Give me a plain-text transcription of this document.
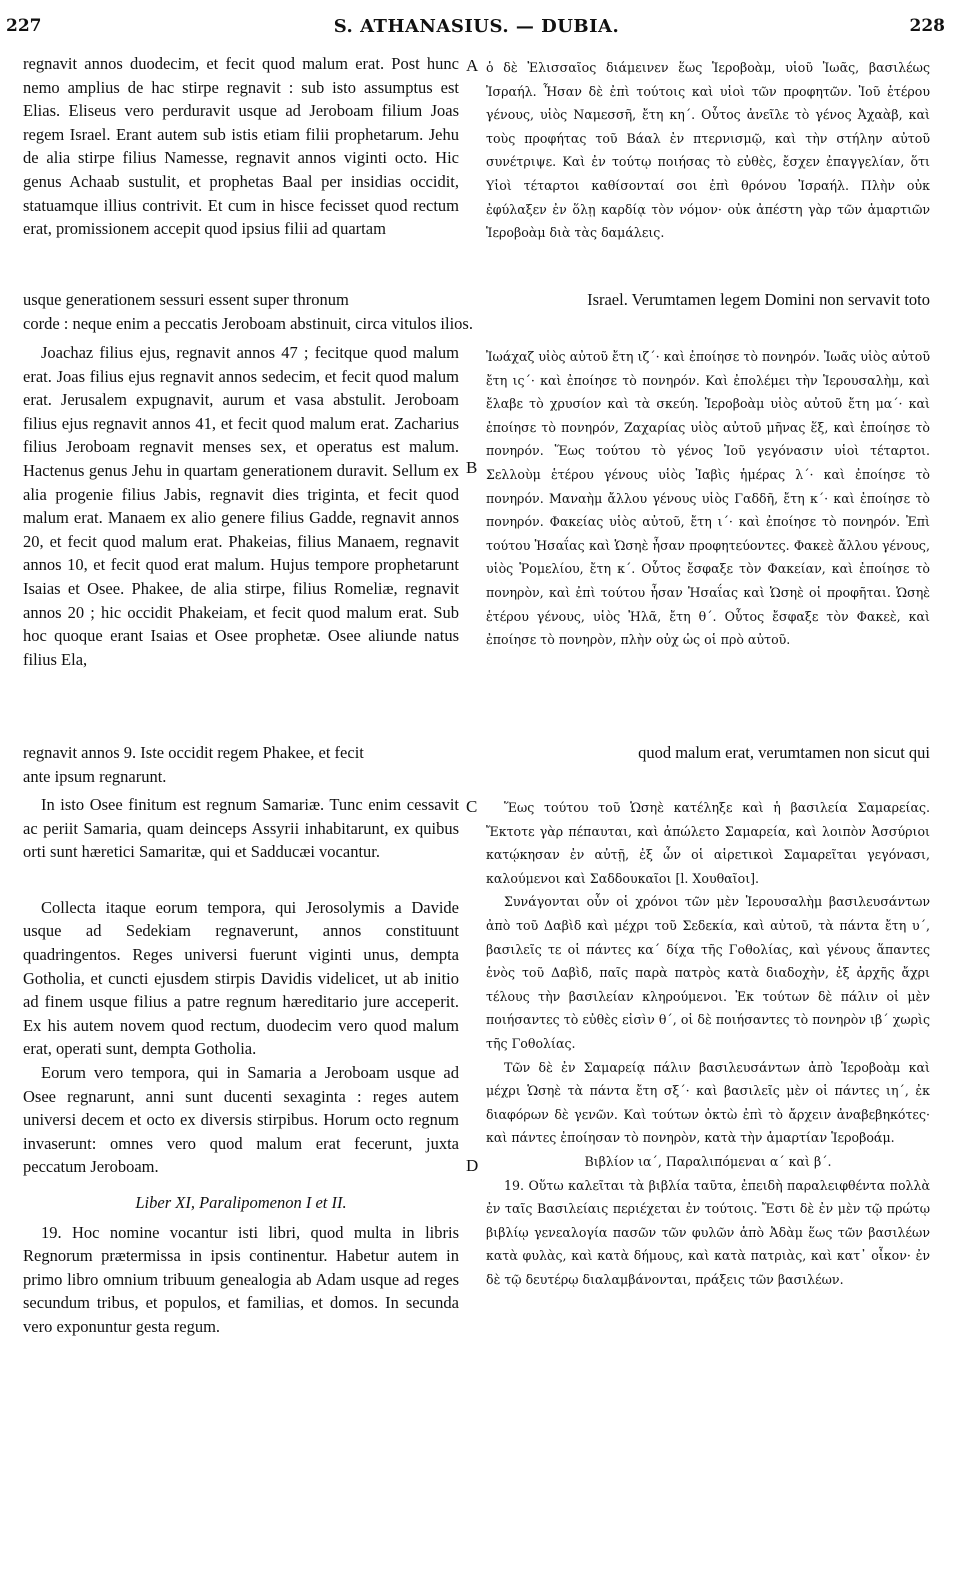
227	S. ATHANASIUS. — DUBIA.	228
regnavit annos duodecim, et fecit quod malum erat. Post hunc nemo amplius de hac stirpe regnavit : sub isto assumptus est Elias. Eliseus vero perduravit usque ad Jeroboam filium Joas regem Israel. Erant autem sub istis etiam filii prophetarum. Jehu de alia stirpe filius Namesse, regnavit annos viginti octo. Hic genus Achaab sustulit, et prophetas Baal per insidias occidit, statuamque illius contrivit. Et cum in hisce fecisset quod rectum erat, promissionem accepit quod ipsius filii ad quartam
ὁ δὲ Ἐλισσαῖος διάμεινεν ἕως Ἱεροβοὰμ, υἱοῦ Ἰωᾶς, βασιλέως Ἰσραήλ. Ἦσαν δὲ ἐπὶ τούτοις καὶ υἱοὶ τῶν προφητῶν. Ἰοῦ ἑτέρου γένους, υἱὸς Ναμεσσῆ, ἔτη κη΄. Οὗτος ἀνεῖλε τὸ γένος Ἀχαὰβ, καὶ τοὺς προφήτας τοῦ Βάαλ ἐν πτερνισμῷ, καὶ τὴν στήλην αὐτοῦ συνέτριψε. Καὶ ἐν τούτῳ ποιήσας τὸ εὐθὲς, ἔσχεν ἐπαγγελίαν, ὅτι Υἱοὶ τέταρτοι καθίσονταί σοι ἐπὶ θρόνου Ἰσραήλ. Πλὴν οὐκ ἐφύλαξεν ἐν ὅλῃ καρδίᾳ τὸν νόμον· οὐκ ἀπέστη γὰρ τῶν ἁμαρτιῶν Ἱεροβοὰμ διὰ τὰς δαμάλεις.
A
usque generationem sessuri essent super thronum	Israel. Verumtamen legem Domini non servavit toto
corde : neque enim a peccatis Jeroboam abstinuit, circa vitulos ilios.
Joachaz filius ejus, regnavit annos 47 ; fecitque quod malum erat. Joas filius ejus regnavit annos sedecim, et fecit quod malum erat. Jerusalem expugnavit, aurum et vasa abstulit. Jeroboam filius ejus regnavit annos 41, et fecit quod malum erat. Zacharius filius Jeroboam regnavit menses sex, et operatus est malum. Hactenus genus Jehu in quartam generationem duravit. Sellum ex alia progenie filius Jabis, regnavit dies triginta, et fecit quod malum erat. Manaem ex alio genere filius Gadde, regnavit annos 20, et fecit quod malum erat. Phakeias, filius Manaem, regnavit annos 10, et fecit quod erat malum. Hujus tempore prophetarunt Isaias et Osee. Phakee, de alia stirpe, filius Romeliæ, regnavit annos 20 ; hic occidit Phakeiam, et fecit quod malum erat. Sub hoc quoque erant Isaias et Osee prophetæ. Osee aliunde natus filius Ela,
Ἰωάχαζ υἱὸς αὐτοῦ ἔτη ιζ΄· καὶ ἐποίησε τὸ πονηρόν. Ἰωᾶς υἱὸς αὐτοῦ ἔτη ις΄· καὶ ἐποίησε τὸ πονηρόν. Καὶ ἐπολέμει τὴν Ἱερουσαλὴμ, καὶ ἔλαβε τὸ χρυσίον καὶ τὰ σκεύη. Ἱεροβοὰμ υἱὸς αὐτοῦ ἔτη μα΄· καὶ ἐποίησε τὸ πονηρόν, Ζαχαρίας υἱὸς αὐτοῦ μῆνας ἕξ, καὶ ἐποίησε τὸ πονηρόν. Ἕως τούτου τὸ γένος Ἰοῦ γεγόνασιν υἱοὶ τέταρτοι. Σελλοὺμ ἑτέρου γένους υἱὸς Ἰαβὶς ἡμέρας λ΄· καὶ ἐποίησε τὸ πονηρόν. Μαναὴμ ἄλλου γένους υἱὸς Γαδδῆ, ἔτη κ΄· καὶ ἐποίησε τὸ πονηρόν. Φακείας υἱὸς αὐτοῦ, ἔτη ι΄· καὶ ἐποίησε τὸ πονηρόν. Ἐπὶ τούτου Ἡσαΐας καὶ Ὡσηὲ ἦσαν προφητεύοντες. Φακεὲ ἄλλου γένους, υἱὸς Ῥομελίου, ἔτη κ΄. Οὗτος ἔσφαξε τὸν Φακείαν, καὶ ἐποίησε τὸ πονηρὸν, καὶ ἐπὶ τούτου ἦσαν Ἡσαΐας καὶ Ὡσηὲ οἱ προφῆται. Ὡσηὲ ἑτέρου γένους, υἱὸς Ἠλᾶ, ἔτη θ΄. Οὗτος ἔσφαξε τὸν Φακεὲ, καὶ ἐποίησε τὸ πονηρὸν, πλὴν οὐχ ὡς οἱ πρὸ αὐτοῦ.
B
regnavit annos 9. Iste occidit regem Phakee, et fecit	quod malum erat, verumtamen non sicut qui
ante ipsum regnarunt.

In isto Osee finitum est regnum Samariæ. Tunc enim cessavit ac periit Samaria, quam deinceps Assyrii inhabitarunt, ex quibus orti sunt hæretici Samaritæ, qui et Sadducæi vocantur.

Collecta itaque eorum tempora, qui Jerosolymis a Davide usque ad Sedekiam regnaverunt, annos constituunt quadringentos. Reges universi fuerunt viginti unus, dempta Gotholia, et cuncti ejusdem stirpis Davidis videlicet, ut ab initio ad finem usque filius a patre regnum hæreditario jure acceperit. Ex his autem novem quod rectum, duodecim vero quod malum erat, operati sunt, dempta Gotholia.

Eorum vero tempora, qui in Samaria a Jeroboam usque ad Osee regnarunt, anni sunt ducenti sexaginta : reges autem universi decem et octo ex diversis stirpibus. Horum octo regnum invaserunt: omnes vero quod malum erat fecerunt, juxta peccatum Jeroboam.

Liber XI, Paralipomenon I et II.

19. Hoc nomine vocantur isti libri, quod multa in libris Regnorum prætermissa in ipsis continentur. Habetur autem in primo libro omnium tribuum genealogia ab Adam usque ad reges secundum tribus, et populos, et familias, et domos. In secunda vero exponuntur gesta regum.

Ἕως τούτου τοῦ Ὡσηὲ κατέληξε καὶ ἡ βασιλεία Σαμαρείας. Ἔκτοτε γὰρ πέπαυται, καὶ ἀπώλετο Σαμαρεία, καὶ λοιπὸν Ἀσσύριοι κατῴκησαν ἐν αὐτῇ, ἐξ ὧν οἱ αἱρετικοὶ Σαμαρεῖται γεγόνασι, καλούμενοι καὶ Σαδδουκαῖοι [l. Χουθαῖοι].

Συνάγονται οὖν οἱ χρόνοι τῶν μὲν Ἱερουσαλὴμ βασιλευσάντων ἀπὸ τοῦ Δαβὶδ καὶ μέχρι τοῦ Σεδεκία, καὶ αὐτοῦ, τὰ πάντα ἔτη υ΄, βασιλεῖς τε οἱ πάντες κα΄ δίχα τῆς Γοθολίας, καὶ γένους ἅπαντες ἑνὸς τοῦ Δαβὶδ, παῖς παρὰ πατρὸς κατὰ διαδοχὴν, ἐξ ἀρχῆς ἄχρι τέλους τὴν βασιλείαν κληρούμενοι. Ἐκ τούτων δὲ πάλιν οἱ μὲν ποιήσαντες τὸ εὐθὲς εἰσὶν θ΄, οἱ δὲ ποιήσαντες τὸ πονηρὸν ιβ΄ χωρὶς τῆς Γοθολίας.

Τῶν δὲ ἐν Σαμαρείᾳ πάλιν βασιλευσάντων ἀπὸ Ἱεροβοὰμ καὶ μέχρι Ὡσηὲ τὰ πάντα ἔτη σξ΄· καὶ βασιλεῖς μὲν οἱ πάντες ιη΄, ἐκ διαφόρων δὲ γενῶν. Καὶ τούτων ὀκτὼ ἐπὶ τὸ ἄρχειν ἀναβεβηκότες· καὶ πάντες ἐποίησαν τὸ πονηρὸν, κατὰ τὴν ἁμαρτίαν Ἱεροβοάμ.

Βιβλίον ια΄, Παραλιπόμεναι α΄ καὶ β΄.

19. Οὕτω καλεῖται τὰ βιβλία ταῦτα, ἐπειδὴ παραλειφθέντα πολλὰ ἐν ταῖς Βασιλείαις περιέχεται ἐν τούτοις. Ἔστι δὲ ἐν μὲν τῷ πρώτῳ βιβλίῳ γενεαλογία πασῶν τῶν φυλῶν ἀπὸ Ἀδὰμ ἕως τῶν βασιλέων κατὰ φυλὰς, καὶ κατὰ δήμους, καὶ κατὰ πατριὰς, καὶ κατ᾽ οἶκον· ἐν δὲ τῷ δευτέρῳ διαλαμβάνονται, πράξεις τῶν βασιλέων.

C
D
